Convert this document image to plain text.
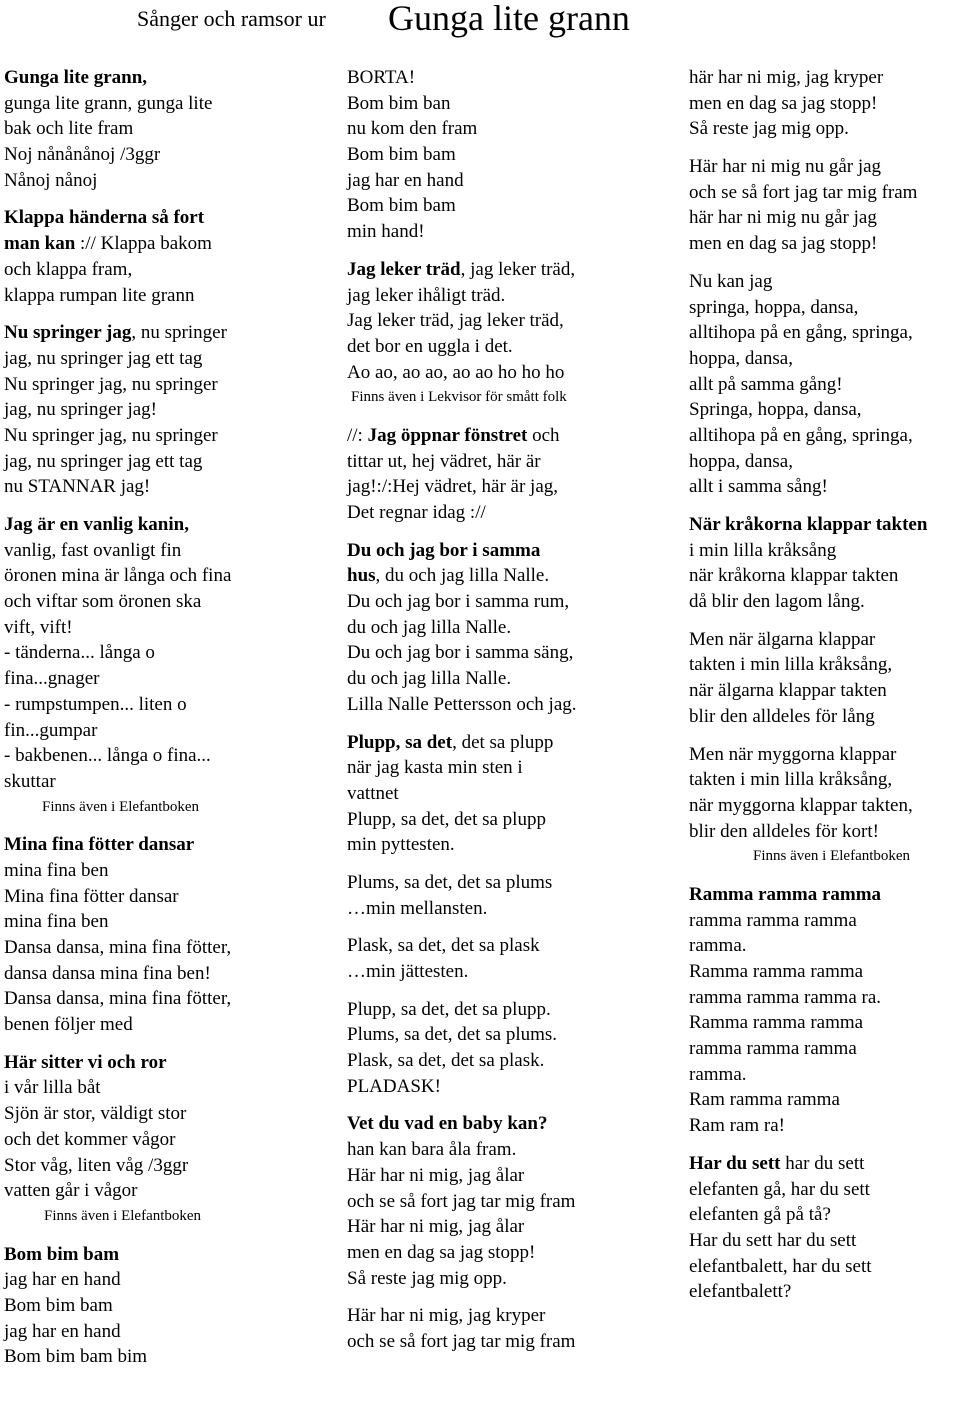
Sånger och ramsor ur Gunga lite grann
Gunga lite grann,
gunga lite grann, gunga lite
bak och lite fram
Noj nånånånoj /3ggr
Nånoj nånoj
Klappa händerna så fort
man kan :// Klappa bakom
och klappa fram,
klappa rumpan lite grann
Nu springer jag, nu springer
jag, nu springer jag ett tag
Nu springer jag, nu springer
jag, nu springer jag!
Nu springer jag, nu springer
jag, nu springer jag ett tag
nu STANNAR jag!
Jag är en vanlig kanin,
vanlig, fast ovanligt fin
öronen mina är långa och fina
och viftar som öronen ska
vift, vift!
- tänderna... långa o
fina...gnager
- rumpstumpen... liten o
fin...gumpar
- bakbenen... långa o fina...
skuttar
Finns även i Elefantboken
Mina fina fötter dansar
mina fina ben
Mina fina fötter dansar
mina fina ben
Dansa dansa, mina fina fötter,
dansa dansa mina fina ben!
Dansa dansa, mina fina fötter,
benen följer med
Här sitter vi och ror
i vår lilla båt
Sjön är stor, väldigt stor
och det kommer vågor
Stor våg, liten våg /3ggr
vatten går i vågor
Finns även i Elefantboken
Bom bim bam
jag har en hand
Bom bim bam
jag har en hand
Bom bim bam bim
BORTA!
Bom bim ban
nu kom den fram
Bom bim bam
jag har en hand
Bom bim bam
min hand!
Jag leker träd, jag leker träd,
jag leker ihåligt träd.
Jag leker träd, jag leker träd,
det bor en uggla i det.
Ao ao, ao ao, ao ao ho ho ho
Finns även i Lekvisor för smått folk
//: Jag öppnar fönstret och
tittar ut, hej vädret, här är
jag!:/:Hej vädret, här är jag,
Det regnar idag ://
Du och jag bor i samma
hus, du och jag lilla Nalle.
Du och jag bor i samma rum,
du och jag lilla Nalle.
Du och jag bor i samma säng,
du och jag lilla Nalle.
Lilla Nalle Pettersson och jag.
Plupp, sa det, det sa plupp
när jag kasta min sten i
vattnet
Plupp, sa det, det sa plupp
min pyttesten.
Plums, sa det, det sa plums
…min mellansten.
Plask, sa det, det sa plask
…min jättesten.
Plupp, sa det, det sa plupp.
Plums, sa det, det sa plums.
Plask, sa det, det sa plask.
PLADASK!
Vet du vad en baby kan?
han kan bara åla fram.
Här har ni mig, jag ålar
och se så fort jag tar mig fram
Här har ni mig, jag ålar
men en dag sa jag stopp!
Så reste jag mig opp.
Här har ni mig, jag kryper
och se så fort jag tar mig fram
här har ni mig, jag kryper
men en dag sa jag stopp!
Så reste jag mig opp.
Här har ni mig nu går jag
och se så fort jag tar mig fram
här har ni mig nu går jag
men en dag sa jag stopp!
Nu kan jag
springa, hoppa, dansa,
alltihopa på en gång, springa,
hoppa, dansa,
allt på samma gång!
Springa, hoppa, dansa,
alltihopa på en gång, springa,
hoppa, dansa,
allt i samma sång!
När kråkorna klappar takten
i min lilla kråksång
när kråkorna klappar takten
då blir den lagom lång.
Men när älgarna klappar
takten i min lilla kråksång,
när älgarna klappar takten
blir den alldeles för lång
Men när myggorna klappar
takten i min lilla kråksång,
när myggorna klappar takten,
blir den alldeles för kort!
Finns även i Elefantboken
Ramma ramma ramma
ramma ramma ramma
ramma.
Ramma ramma ramma
ramma ramma ramma ra.
Ramma ramma ramma
ramma ramma ramma
ramma.
Ram ramma ramma
Ram ram ra!
Har du sett har du sett
elefanten gå, har du sett
elefanten gå på tå?
Har du sett har du sett
elefantbalett, har du sett
elefantbalett?
